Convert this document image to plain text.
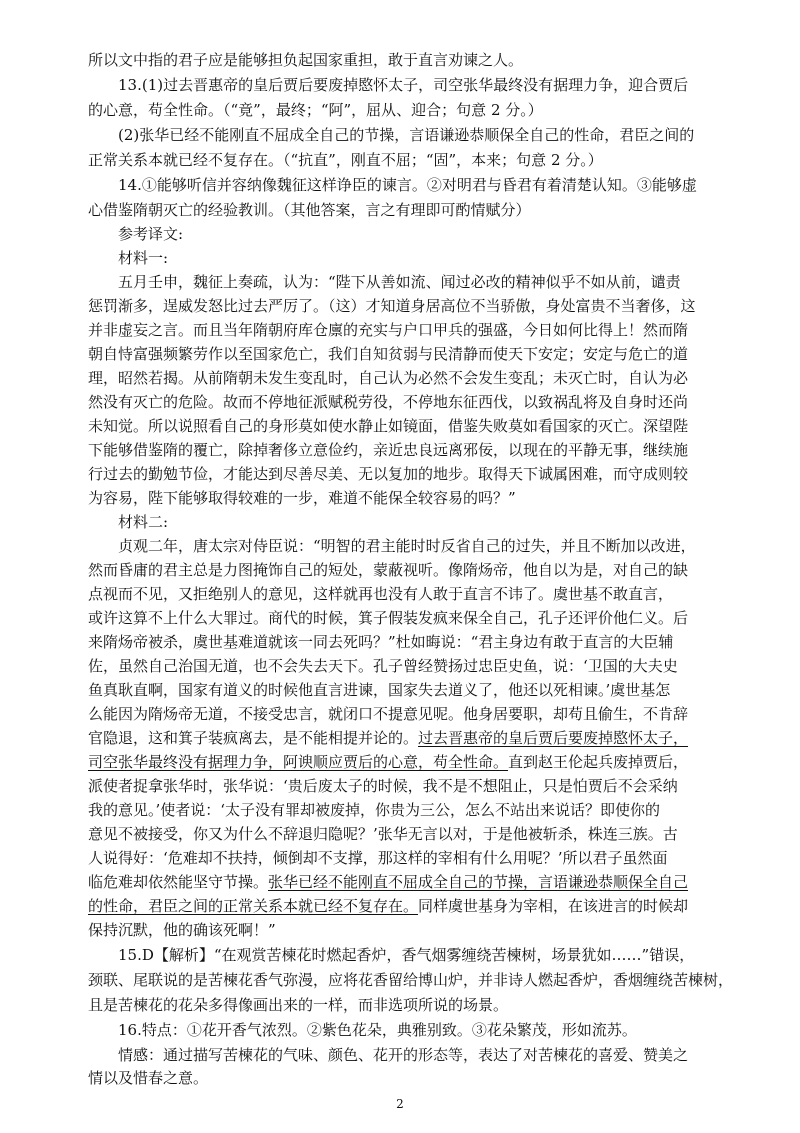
所以文中指的君子应是能够担负起国家重担，敢于直言劝谏之人。
13.(1)过去晋惠帝的皇后贾后要废掉愍怀太子，司空张华最终没有据理力争，迎合贾后
的心意，苟全性命。（“竟”，最终；“阿”，屈从、迎合；句意 2 分。）
(2)张华已经不能刚直不屈成全自己的节操，言语谦逊恭顺保全自己的性命，君臣之间的
正常关系本就已经不复存在。（“抗直”，刚直不屈；“固”，本来；句意 2 分。）
14.①能够听信并容纳像魏征这样诤臣的谏言。②对明君与昏君有着清楚认知。③能够虚
心借鉴隋朝灭亡的经验教训。（其他答案，言之有理即可酌情赋分）
参考译文:
材料一:
五月壬申，魏征上奏疏，认为：“陛下从善如流、闻过必改的精神似乎不如从前，谴责
惩罚渐多，逞威发怒比过去严厉了。（这）才知道身居高位不当骄傲，身处富贵不当奢侈，这
并非虚妄之言。而且当年隋朝府库仓廪的充实与户口甲兵的强盛，今日如何比得上！然而隋
朝自恃富强频繁劳作以至国家危亡，我们自知贫弱与民清静而使天下安定；安定与危亡的道
理，昭然若揭。从前隋朝未发生变乱时，自己认为必然不会发生变乱；未灭亡时，自认为必
然没有灭亡的危险。故而不停地征派赋税劳役，不停地东征西伐，以致祸乱将及自身时还尚
未知觉。所以说照看自己的身形莫如使水静止如镜面，借鉴失败莫如看国家的灭亡。深望陛
下能够借鉴隋的覆亡，除掉奢侈立意俭约，亲近忠良远离邪佞，以现在的平静无事，继续施
行过去的勤勉节俭，才能达到尽善尽美、无以复加的地步。取得天下诚属困难，而守成则较
为容易，陛下能够取得较难的一步，难道不能保全较容易的吗？”
材料二:
贞观二年，唐太宗对侍臣说：“明智的君主能时时反省自己的过失，并且不断加以改进，
然而昏庸的君主总是力图掩饰自己的短处，蒙蔽视听。像隋炀帝，他自以为是，对自己的缺
点视而不见，又拒绝别人的意见，这样就再也没有人敢于直言不讳了。虞世基不敢直言，
或许这算不上什么大罪过。商代的时候，箕子假装发疯来保全自己，孔子还评价他仁义。后
来隋炀帝被杀，虞世基难道就该一同去死吗？”杜如晦说：“君主身边有敢于直言的大臣辅
佐，虽然自己治国无道，也不会失去天下。孔子曾经赞扬过忠臣史鱼，说：‘卫国的大夫史
鱼真耿直啊，国家有道义的时候他直言进谏，国家失去道义了，他还以死相谏。’虞世基怎
么能因为隋炀帝无道，不接受忠言，就闭口不提意见呢。他身居要职，却苟且偷生，不肯辞
官隐退，这和箕子装疯离去，是不能相提并论的。过去晋惠帝的皇后贾后要废掉愍怀太子，
司空张华最终没有据理力争，阿谀顺应贾后的心意，苟全性命。直到赵王伦起兵废掉贾后，
派使者捉拿张华时，张华说：‘贵后废太子的时候，我不是不想阻止，只是怕贾后不会采纳
我的意见。’使者说：‘太子没有罪却被废掉，你贵为三公，怎么不站出来说话？即使你的
意见不被接受，你又为什么不辞退归隐呢？’张华无言以对，于是他被斩杀，株连三族。古
人说得好：‘危难却不扶持，倾倒却不支撑，那这样的宰相有什么用呢？’所以君子虽然面
临危难却依然能坚守节操。张华已经不能刚直不屈成全自己的节操，言语谦逊恭顺保全自己
的性命，君臣之间的正常关系本就已经不复存在。同样虞世基身为宰相，在该进言的时候却
保持沉默，他的确该死啊！”
15.D【解析】“在观赏苦楝花时燃起香炉，香气烟雾缠绕苦楝树，场景犹如……”错误，
颈联、尾联说的是苦楝花香气弥漫，应将花香留给博山炉，并非诗人燃起香炉，香烟缠绕苦楝树，
且是苦楝花的花朵多得像画出来的一样，而非选项所说的场景。
16.特点：①花开香气浓烈。②紫色花朵，典雅别致。③花朵繁茂，形如流苏。
情感：通过描写苦楝花的气味、颜色、花开的形态等，表达了对苦楝花的喜爱、赞美之
情以及惜春之意。
2
